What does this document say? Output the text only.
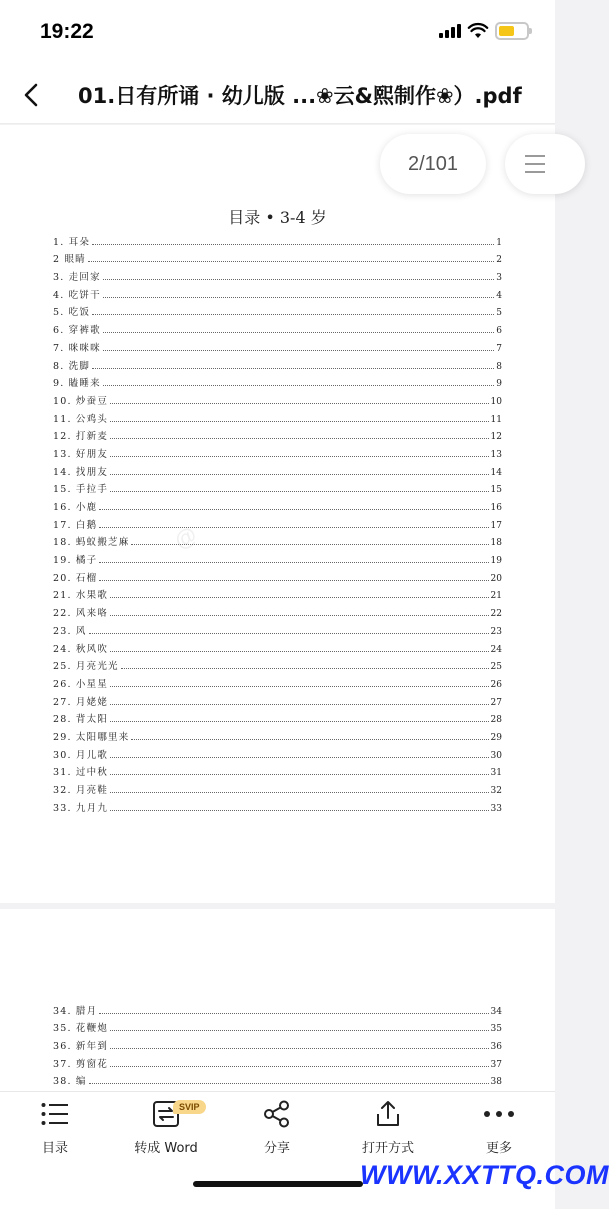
19:22
01.日有所诵 · 幼儿版 ...❀云&熙制作❀）.pdf
2/101
目录 • 3-4 岁
1. 耳朵	1
2 眼睛	2
3. 走回家	3
4. 吃饼干	4
5. 吃饭	5
6. 穿裤歌	6
7. 咪咪咪	7
8. 洗脚	8
9. 瞌睡来	9
10. 炒蚕豆	10
11. 公鸡头	11
12. 打新麦	12
13. 好朋友	13
14. 找朋友	14
15. 手拉手	15
16. 小鹿	16
17. 白鹅	17
18. 蚂蚁搬芝麻	18
19. 橘子	19
20. 石榴	20
21. 水果歌	21
22. 风来咯	22
23. 风	23
24. 秋风吹	24
25. 月亮光光	25
26. 小星星	26
27. 月姥姥	27
28. 背太阳	28
29. 太阳哪里来	29
30. 月儿歌	30
31. 过中秋	31
32. 月亮鞋	32
33. 九月九	33
@
34. 腊月	34
35. 花鞭炮	35
36. 新年到	36
37. 剪窗花	37
38. 编	38
目录
SVIP
转成 Word	分享	打开方式	更多
WWW.XXTTQ.COM
